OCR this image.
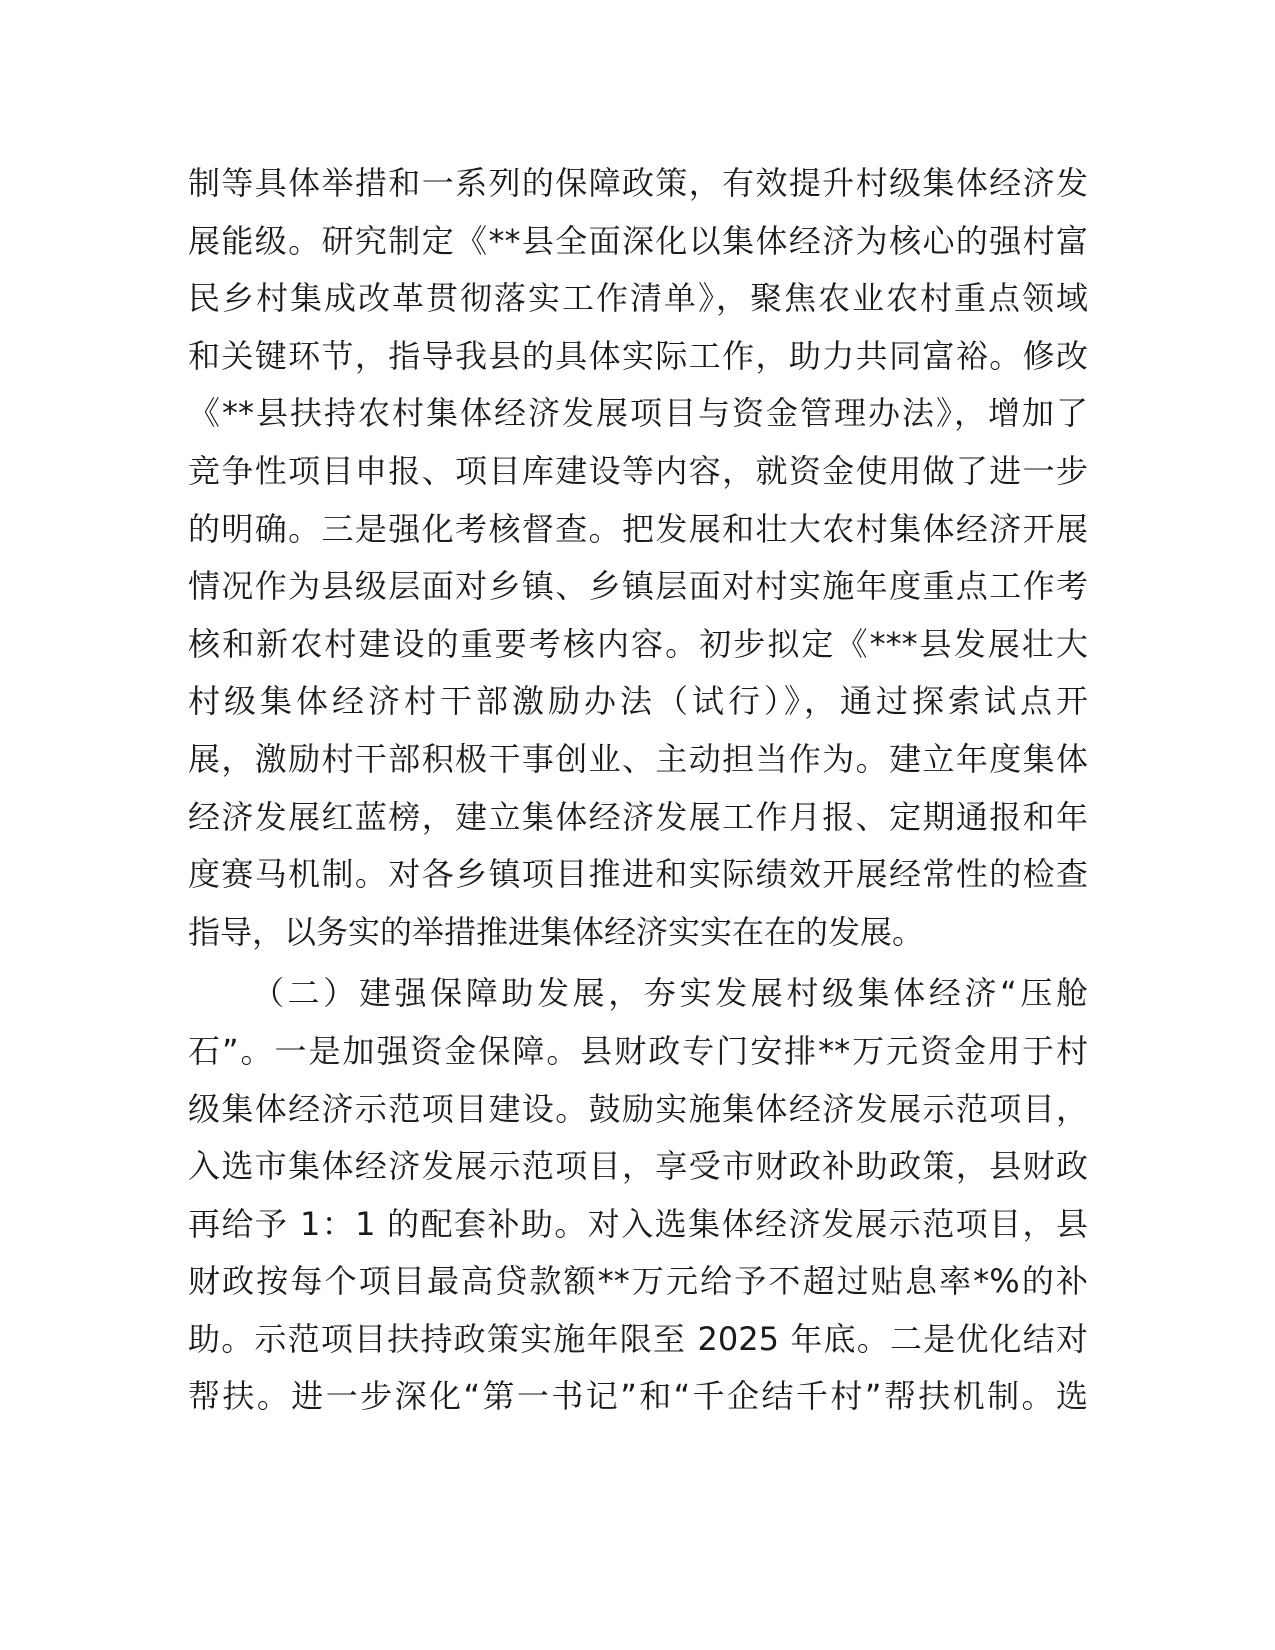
制等具体举措和一系列的保障政策，有效提升村级集体经济发
展能级。研究制定《**县全面深化以集体经济为核心的强村富
民乡村集成改革贯彻落实工作清单》，聚焦农业农村重点领域
和关键环节，指导我县的具体实际工作，助力共同富裕。修改
《**县扶持农村集体经济发展项目与资金管理办法》，增加了
竞争性项目申报、项目库建设等内容，就资金使用做了进一步
的明确。三是强化考核督查。把发展和壮大农村集体经济开展
情况作为县级层面对乡镇、乡镇层面对村实施年度重点工作考
核和新农村建设的重要考核内容。初步拟定《***县发展壮大
村级集体经济村干部激励办法（试行）》，通过探索试点开
展，激励村干部积极干事创业、主动担当作为。建立年度集体
经济发展红蓝榜，建立集体经济发展工作月报、定期通报和年
度赛马机制。对各乡镇项目推进和实际绩效开展经常性的检查
指导，以务实的举措推进集体经济实实在在的发展。
（二）建强保障助发展，夯实发展村级集体经济“压舱
石”。一是加强资金保障。县财政专门安排**万元资金用于村
级集体经济示范项目建设。鼓励实施集体经济发展示范项目，
入选市集体经济发展示范项目，享受市财政补助政策，县财政
再给予 1：1 的配套补助。对入选集体经济发展示范项目，县
财政按每个项目最高贷款额**万元给予不超过贴息率*%的补
助。示范项目扶持政策实施年限至 2025 年底。二是优化结对
帮扶。进一步深化“第一书记”和“千企结千村”帮扶机制。选
